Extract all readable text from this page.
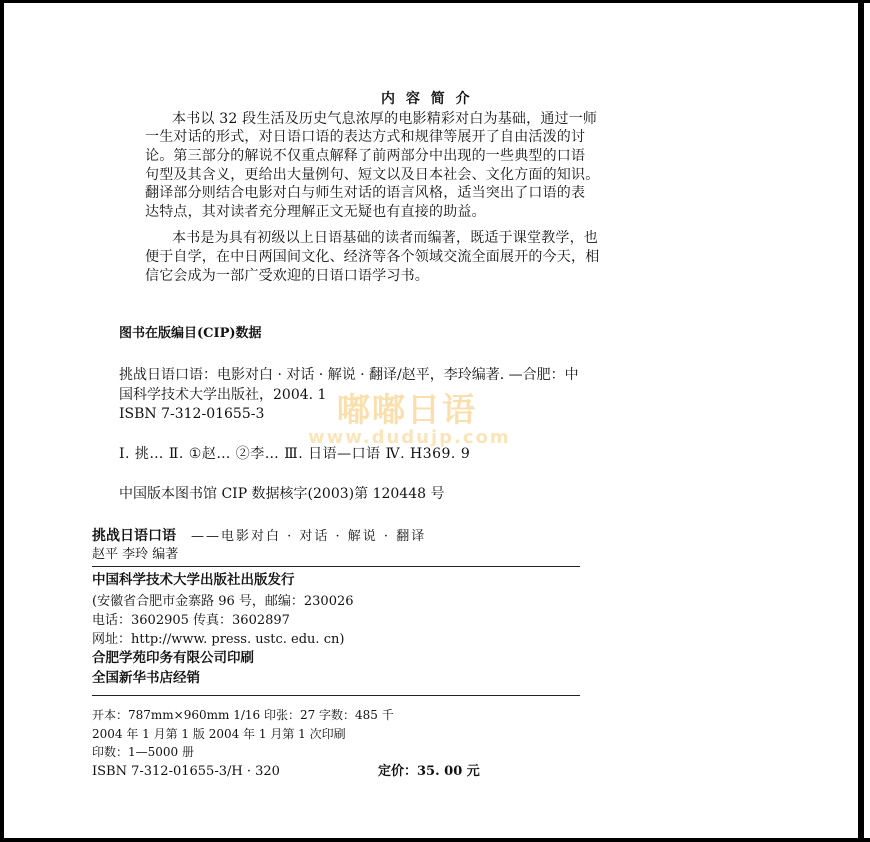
内 容 简 介
本书以 32 段生活及历史气息浓厚的电影精彩对白为基础，通过一师
一生对话的形式，对日语口语的表达方式和规律等展开了自由活泼的讨
论。第三部分的解说不仅重点解释了前两部分中出现的一些典型的口语
句型及其含义，更给出大量例句、短文以及日本社会、文化方面的知识。
翻译部分则结合电影对白与师生对话的语言风格，适当突出了口语的表
达特点，其对读者充分理解正文无疑也有直接的助益。
本书是为具有初级以上日语基础的读者而编著，既适于课堂教学，也
便于自学，在中日两国间文化、经济等各个领域交流全面展开的今天，相
信它会成为一部广受欢迎的日语口语学习书。
图书在版编目(CIP)数据
挑战日语口语：电影对白 · 对话 · 解说 · 翻译/赵平，李玲编著. —合肥：中
国科学技术大学出版社，2004. 1
ISBN 7-312-01655-3 嘟嘟日语
www.dudujp.com
Ⅰ. 挑… Ⅱ. ①赵… ②李… Ⅲ. 日语—口语 Ⅳ. H369. 9
中国版本图书馆 CIP 数据核字(2003)第 120448 号
挑战日语口语 ——电影对白 · 对话 · 解说 · 翻译
赵平 李玲 编著
中国科学技术大学出版社出版发行
(安徽省合肥市金寨路 96 号，邮编：230026
电话：3602905 传真：3602897
网址：http://www. press. ustc. edu. cn)
合肥学苑印务有限公司印刷
全国新华书店经销
开本：787mm×960mm 1/16 印张：27 字数：485 千
2004 年 1 月第 1 版 2004 年 1 月第 1 次印刷
印数：1—5000 册
ISBN 7-312-01655-3/H · 320	定价：35. 00 元
